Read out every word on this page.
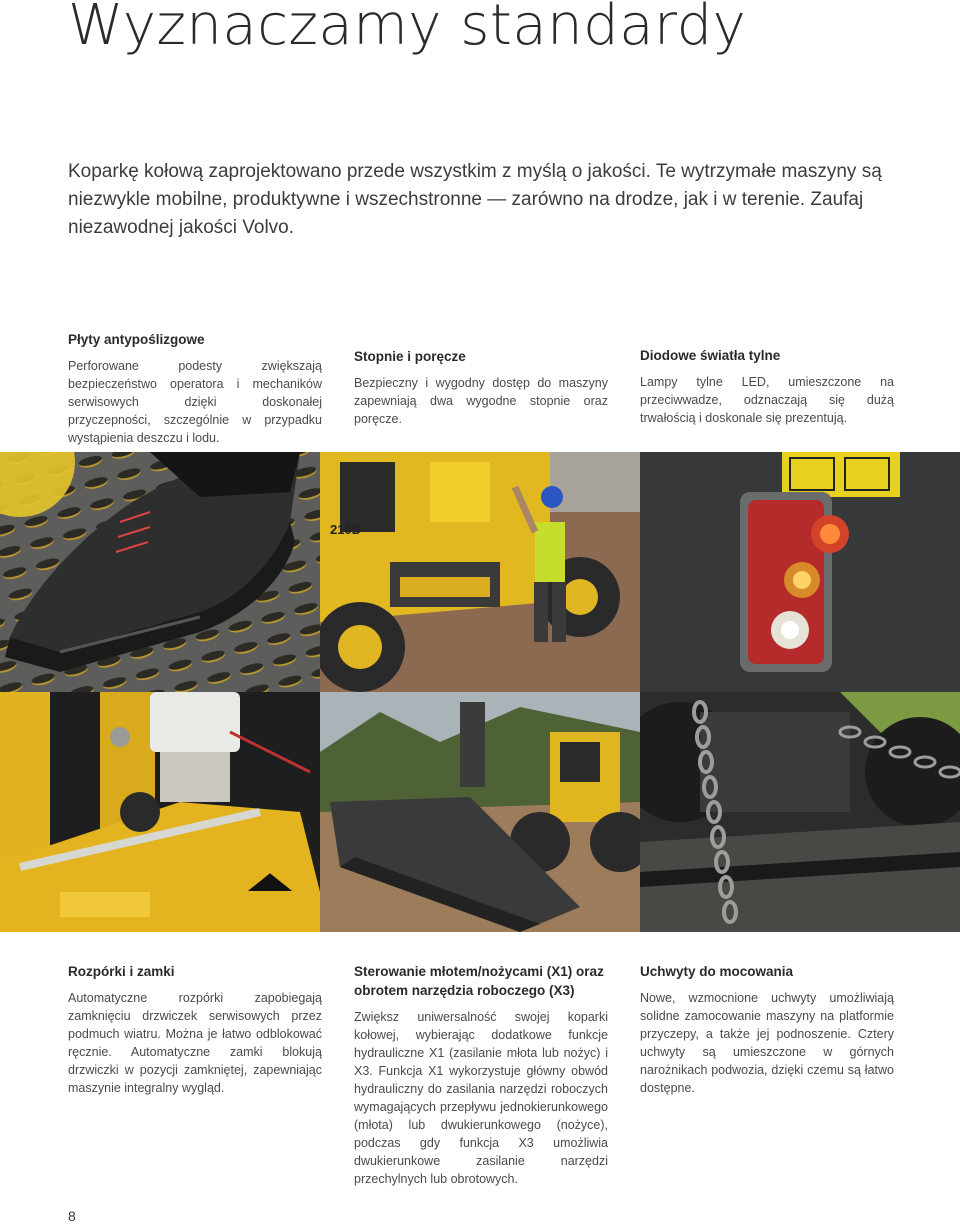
Wyznaczamy standardy

Koparkę kołową zaprojektowano przede wszystkim z myślą o jakości. Te wytrzymałe maszyny są niezwykle mobilne, produktywne i wszechstronne — zarówno na drodze, jak i w terenie. Zaufaj niezawodnej jakości Volvo.

Płyty antypoślizgowe

Perforowane podesty zwiększają bezpieczeństwo operatora i mechaników serwisowych dzięki doskonałej przyczepności, szczególnie w przypadku wystąpienia deszczu i lodu.

Stopnie i poręcze

Bezpieczny i wygodny dostęp do maszyny zapewniają dwa wygodne stopnie oraz poręcze.

Diodowe światła tylne

Lampy tylne LED, umieszczone na przeciwwadze, odznaczają się dużą trwałością i doskonale się prezentują.

210D
Rozpórki i zamki

Automatyczne rozpórki zapobiegają zamknięciu drzwiczek serwisowych przez podmuch wiatru. Można je łatwo odblokować ręcznie. Automatyczne zamki blokują drzwiczki w pozycji zamkniętej, zapewniając maszynie integralny wygląd.

Sterowanie młotem/nożycami (X1) oraz obrotem narzędzia roboczego (X3)

Zwiększ uniwersalność swojej koparki kołowej, wybierając dodatkowe funkcje hydrauliczne X1 (zasilanie młota lub nożyc) i X3. Funkcja X1 wykorzystuje główny obwód hydrauliczny do zasilania narzędzi roboczych wymagających przepływu jednokierunkowego (młota) lub dwukierunkowego (nożyce), podczas gdy funkcja X3 umożliwia dwukierunkowe zasilanie narzędzi przechylnych lub obrotowych.

Uchwyty do mocowania

Nowe, wzmocnione uchwyty umożliwiają solidne zamocowanie maszyny na platformie przyczepy, a także jej podnoszenie. Cztery uchwyty są umieszczone w górnych narożnikach podwozia, dzięki czemu są łatwo dostępne.

8
